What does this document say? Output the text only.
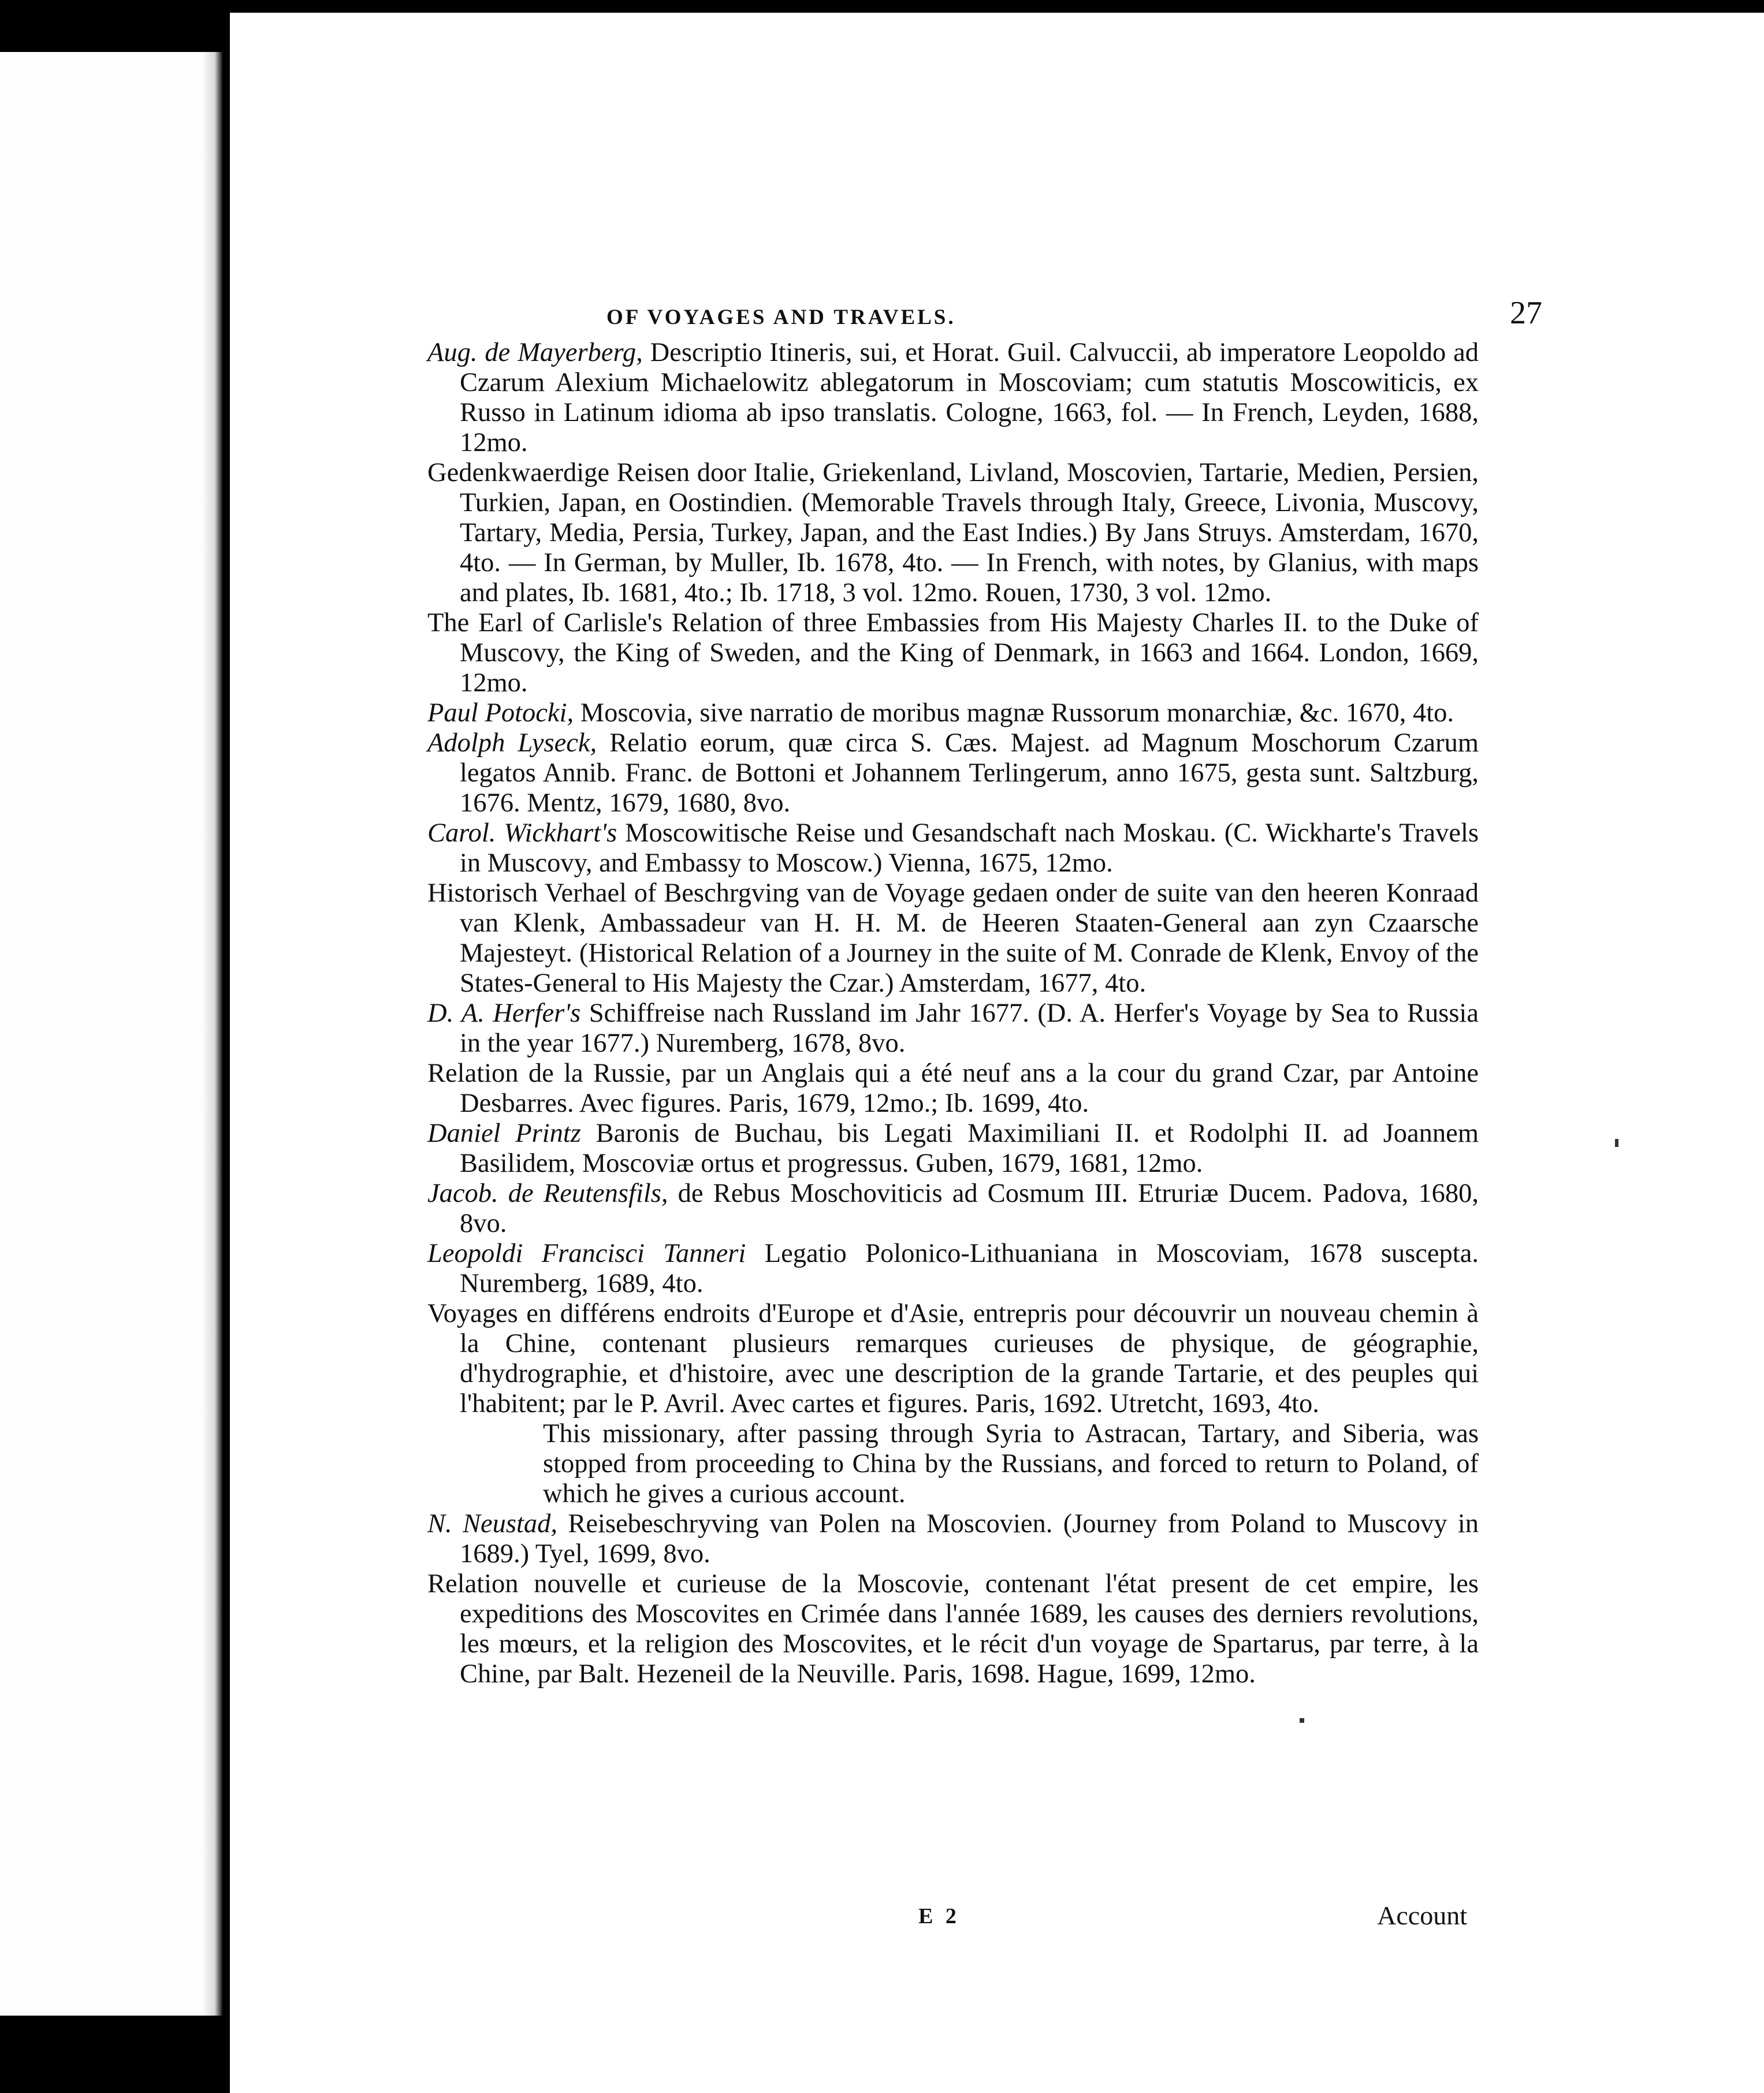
OF VOYAGES AND TRAVELS.	27

Aug. de Mayerberg, Descriptio Itineris, sui, et Horat. Guil. Calvuccii, ab imperatore Leopoldo ad Czarum Alexium Michaelowitz ablegatorum in Moscoviam; cum statutis Moscowiticis, ex Russo in Latinum idioma ab ipso translatis. Cologne, 1663, fol. — In French, Leyden, 1688, 12mo.

Gedenkwaerdige Reisen door Italie, Griekenland, Livland, Moscovien, Tartarie, Medien, Persien, Turkien, Japan, en Oostindien. (Memorable Travels through Italy, Greece, Livonia, Muscovy, Tartary, Media, Persia, Turkey, Japan, and the East Indies.) By Jans Struys. Amsterdam, 1670, 4to. — In German, by Muller, Ib. 1678, 4to. — In French, with notes, by Glanius, with maps and plates, Ib. 1681, 4to.; Ib. 1718, 3 vol. 12mo. Rouen, 1730, 3 vol. 12mo.

The Earl of Carlisle's Relation of three Embassies from His Majesty Charles II. to the Duke of Muscovy, the King of Sweden, and the King of Denmark, in 1663 and 1664. London, 1669, 12mo.

Paul Potocki, Moscovia, sive narratio de moribus magnæ Russorum monarchiæ, &c. 1670, 4to.

Adolph Lyseck, Relatio eorum, quæ circa S. Cæs. Majest. ad Magnum Moschorum Czarum legatos Annib. Franc. de Bottoni et Johannem Terlingerum, anno 1675, gesta sunt. Saltzburg, 1676. Mentz, 1679, 1680, 8vo.

Carol. Wickhart's Moscowitische Reise und Gesandschaft nach Moskau. (C. Wickharte's Travels in Muscovy, and Embassy to Moscow.) Vienna, 1675, 12mo.

Historisch Verhael of Beschrgving van de Voyage gedaen onder de suite van den heeren Konraad van Klenk, Ambassadeur van H. H. M. de Heeren Staaten-General aan zyn Czaarsche Majesteyt. (Historical Relation of a Journey in the suite of M. Conrade de Klenk, Envoy of the States-General to His Majesty the Czar.) Amsterdam, 1677, 4to.

D. A. Herfer's Schiffreise nach Russland im Jahr 1677. (D. A. Herfer's Voyage by Sea to Russia in the year 1677.) Nuremberg, 1678, 8vo.

Relation de la Russie, par un Anglais qui a été neuf ans a la cour du grand Czar, par Antoine Desbarres. Avec figures. Paris, 1679, 12mo.; Ib. 1699, 4to.

Daniel Printz Baronis de Buchau, bis Legati Maximiliani II. et Rodolphi II. ad Joannem Basilidem, Moscoviæ ortus et progressus. Guben, 1679, 1681, 12mo.

Jacob. de Reutensfils, de Rebus Moschoviticis ad Cosmum III. Etruriæ Ducem. Padova, 1680, 8vo.

Leopoldi Francisci Tanneri Legatio Polonico-Lithuaniana in Moscoviam, 1678 suscepta. Nuremberg, 1689, 4to.

Voyages en différens endroits d'Europe et d'Asie, entrepris pour découvrir un nouveau chemin à la Chine, contenant plusieurs remarques curieuses de physique, de géographie, d'hydrographie, et d'histoire, avec une description de la grande Tartarie, et des peuples qui l'habitent; par le P. Avril. Avec cartes et figures. Paris, 1692. Utretcht, 1693, 4to.

This missionary, after passing through Syria to Astracan, Tartary, and Siberia, was stopped from proceeding to China by the Russians, and forced to return to Poland, of which he gives a curious account.

N. Neustad, Reisebeschryving van Polen na Moscovien. (Journey from Poland to Muscovy in 1689.) Tyel, 1699, 8vo.

Relation nouvelle et curieuse de la Moscovie, contenant l'état present de cet empire, les expeditions des Moscovites en Crimée dans l'année 1689, les causes des derniers revolutions, les mœurs, et la religion des Moscovites, et le récit d'un voyage de Spartarus, par terre, à la Chine, par Balt. Hezeneil de la Neuville. Paris, 1698. Hague, 1699, 12mo.

E 2	Account
